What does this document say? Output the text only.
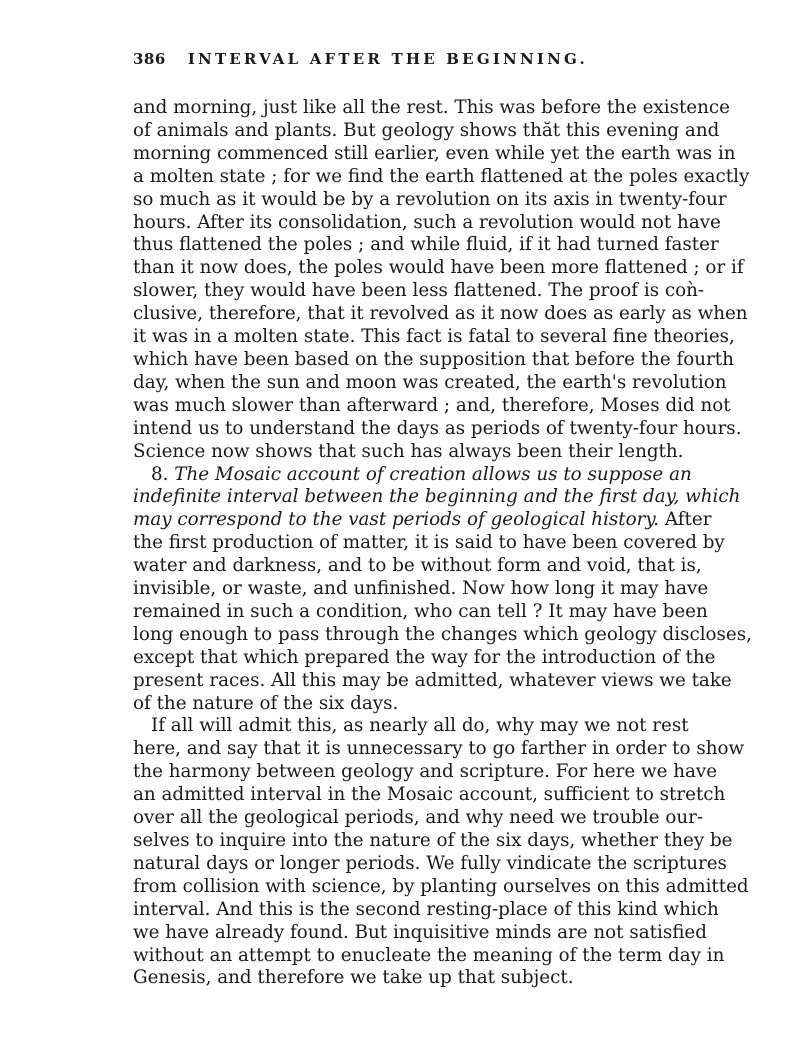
386 INTERVAL AFTER THE BEGINNING.
and morning, just like all the rest. This was before the existence
of animals and plants. But geology shows thăt this evening and
morning commenced still earlier, even while yet the earth was in
a molten state ; for we find the earth flattened at the poles exactly
so much as it would be by a revolution on its axis in twenty-four
hours. After its consolidation, such a revolution would not have
thus flattened the poles ; and while fluid, if it had turned faster
than it now does, the poles would have been more flattened ; or if
slower, they would have been less flattened. The proof is coǹ-
clusive, therefore, that it revolved as it now does as early as when
it was in a molten state. This fact is fatal to several fine theories,
which have been based on the supposition that before the fourth
day, when the sun and moon was created, the earth's revolution
was much slower than afterward ; and, therefore, Moses did not
intend us to understand the days as periods of twenty-four hours.
Science now shows that such has always been their length.
8. The Mosaic account of creation allows us to suppose an
indefinite interval between the beginning and the first day, which
may correspond to the vast periods of geological history. After
the first production of matter, it is said to have been covered by
water and darkness, and to be without form and void, that is,
invisible, or waste, and unfinished. Now how long it may have
remained in such a condition, who can tell ? It may have been
long enough to pass through the changes which geology discloses,
except that which prepared the way for the introduction of the
present races. All this may be admitted, whatever views we take
of the nature of the six days.
If all will admit this, as nearly all do, why may we not rest
here, and say that it is unnecessary to go farther in order to show
the harmony between geology and scripture. For here we have
an admitted interval in the Mosaic account, sufficient to stretch
over all the geological periods, and why need we trouble our-
selves to inquire into the nature of the six days, whether they be
natural days or longer periods. We fully vindicate the scriptures
from collision with science, by planting ourselves on this admitted
interval. And this is the second resting-place of this kind which
we have already found. But inquisitive minds are not satisfied
without an attempt to enucleate the meaning of the term day in
Genesis, and therefore we take up that subject.
